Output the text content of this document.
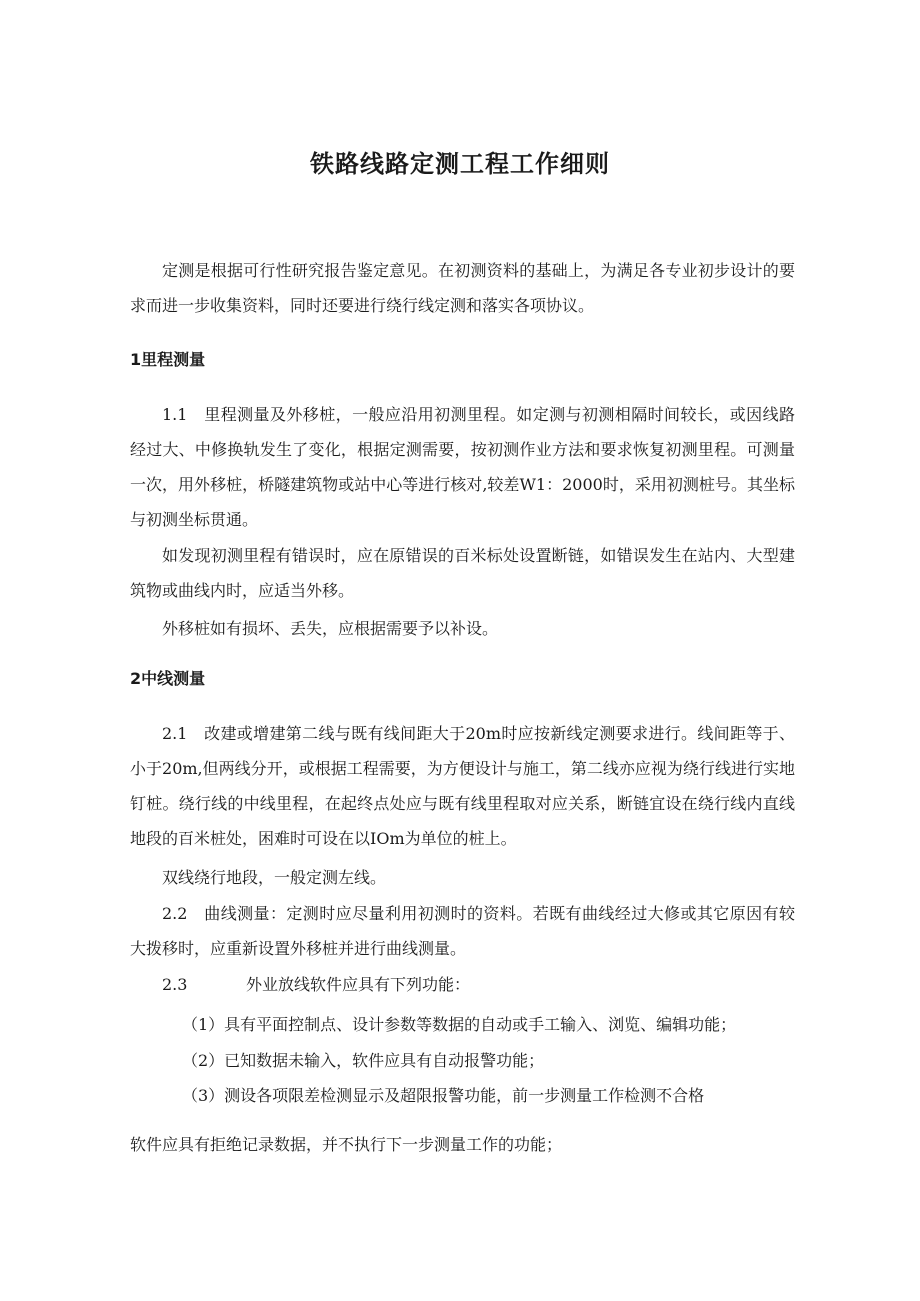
铁路线路定测工程工作细则

定测是根据可行性研究报告鉴定意见。在初测资料的基础上，为满足各专业初步设计的要求而进一步收集资料，同时还要进行绕行线定测和落实各项协议。

1里程测量

1.1　里程测量及外移桩，一般应沿用初测里程。如定测与初测相隔时间较长，或因线路经过大、中修换轨发生了变化，根据定测需要，按初测作业方法和要求恢复初测里程。可测量一次，用外移桩，桥隧建筑物或站中心等进行核对,较差W1：2000时，采用初测桩号。其坐标与初测坐标贯通。

如发现初测里程有错误时，应在原错误的百米标处设置断链，如错误发生在站内、大型建筑物或曲线内时，应适当外移。

外移桩如有损坏、丢失，应根据需要予以补设。

2中线测量

2.1　改建或增建第二线与既有线间距大于20m时应按新线定测要求进行。线间距等于、小于20m,但两线分开，或根据工程需要，为方便设计与施工，第二线亦应视为绕行线进行实地钉桩。绕行线的中线里程，在起终点处应与既有线里程取对应关系，断链宜设在绕行线内直线地段的百米桩处，困难时可设在以IOm为单位的桩上。

双线绕行地段，一般定测左线。

2.2　曲线测量：定测时应尽量利用初测时的资料。若既有曲线经过大修或其它原因有较大拨移时，应重新设置外移桩并进行曲线测量。

2.3	外业放线软件应具有下列功能：
（1）具有平面控制点、设计参数等数据的自动或手工输入、浏览、编辑功能；
（2）已知数据未输入，软件应具有自动报警功能；
（3）测设各项限差检测显示及超限报警功能，前一步测量工作检测不合格
软件应具有拒绝记录数据，并不执行下一步测量工作的功能；
